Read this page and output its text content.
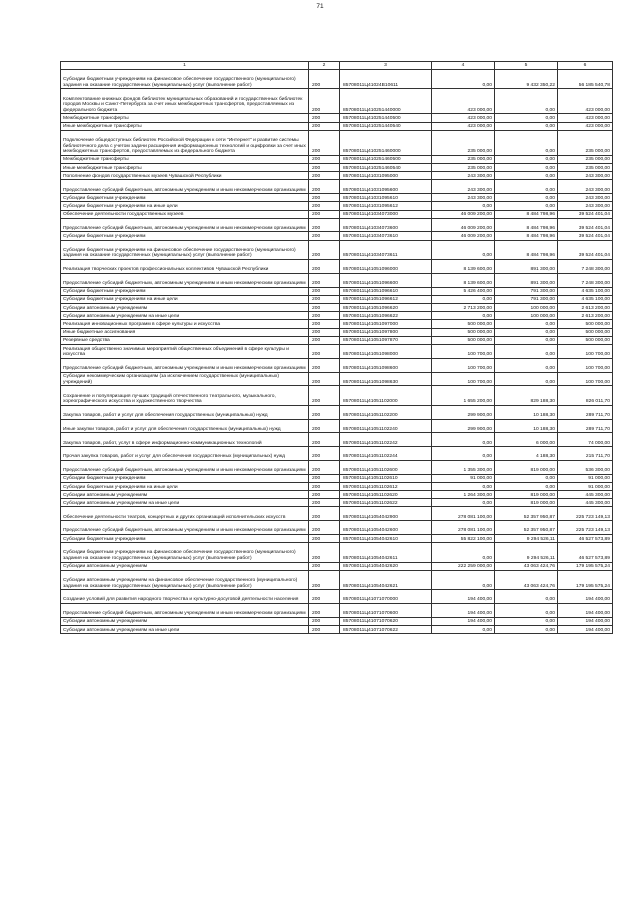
71
1	2	3	4	5	6
Субсидии бюджетным учреждениям на финансовое обеспечение государственного (муниципального) задания на оказание государственных (муниципальных) услуг (выполнение работ)	200	85708011Ц41024В10611	0,00	9 432 350,22	56 185 540,78
Комплектование книжных фондов библиотек муниципальных образований и государственных библиотек городов Москвы и Санкт-Петербурга за счет иных межбюджетных трансфертов, предоставляемых из федерального бюджета	200	85708011Ц410251440000	423 000,00	0,00	423 000,00
Межбюджетные трансферты	200	85708011Ц410251440500	423 000,00	0,00	423 000,00
Иные межбюджетные трансферты	200	85708011Ц410251440540	423 000,00	0,00	423 000,00
Подключение общедоступных библиотек Российской Федерации к сети "Интернет" и развитие системы библиотечного дела с учетом задачи расширения информационных технологий и оцифровки за счет иных межбюджетных трансфертов, предоставляемых из федерального бюджета	200	85708011Ц410251460000	235 000,00	0,00	235 000,00
Межбюджетные трансферты	200	85708011Ц410251460500	235 000,00	0,00	235 000,00
Иные межбюджетные трансферты	200	85708011Ц410251460540	235 000,00	0,00	235 000,00
Пополнение фондов государственных музеев Чувашской Республики	200	85708011Ц41031095000	243 300,00	0,00	243 300,00
Предоставление субсидий бюджетным, автономным учреждениям и иным некоммерческим организациям	200	85708011Ц41031095600	243 300,00	0,00	243 300,00
Субсидии бюджетным учреждениям	200	85708011Ц41031095610	243 300,00	0,00	243 300,00
Субсидии бюджетным учреждениям на иные цели	200	85708011Ц41031095612	0,00	0,00	243 300,00
Обеспечение деятельности государственных музеев	200	85708011Ц41034073000	46 009 200,00	8 484 798,96	39 524 401,04
Предоставление субсидий бюджетным, автономным учреждениям и иным некоммерческим организациям	200	85708011Ц41034073600	46 009 200,00	8 484 798,96	39 524 401,04
Субсидии бюджетным учреждениям	200	85708011Ц41034073610	46 009 200,00	8 484 798,96	39 524 401,04
Субсидии бюджетным учреждениям на финансовое обеспечение государственного (муниципального) задания на оказание государственных (муниципальных) услуг (выполнение работ)	200	85708011Ц41034073611	0,00	8 484 798,96	39 524 401,04
Реализация творческих проектов профессиональных коллективов Чувашской Республики	200	85708011Ц41051096000	8 139 600,00	891 300,00	7 248 300,00
Предоставление субсидий бюджетным, автономным учреждениям и иным некоммерческим организациям	200	85708011Ц41051096600	8 139 600,00	891 300,00	7 248 300,00
Субсидии бюджетным учреждениям	200	85708011Ц41051096610	5 426 400,00	791 300,00	4 635 100,00
Субсидии бюджетным учреждениям на иные цели	200	85708011Ц41051096612	0,00	791 300,00	4 635 100,00
Субсидии автономным учреждениям	200	85708011Ц41051096620	2 713 200,00	100 000,00	2 613 200,00
Субсидии автономным учреждениям на иные цели	200	85708011Ц41051096622	0,00	100 000,00	2 613 200,00
Реализация инновационных программ в сфере культуры и искусства	200	85708011Ц41051097000	500 000,00	0,00	500 000,00
Иные бюджетные ассигнования	200	85708011Ц41051097800	500 000,00	0,00	500 000,00
Резервные средства	200	85708011Ц41051097870	500 000,00	0,00	500 000,00
Реализация общественно значимых мероприятий общественных объединений в сфере культуры и искусства	200	85708011Ц41051098000	100 700,00	0,00	100 700,00
Предоставление субсидий бюджетным, автономным учреждениям и иным некоммерческим организациям	200	85708011Ц41051098600	100 700,00	0,00	100 700,00
Субсидии некоммерческим организациям (за исключением государственных (муниципальных) учреждений)	200	85708011Ц41051098630	100 700,00	0,00	100 700,00
Сохранение и популяризация лучших традиций отечественного театрального, музыкального, хореографического искусства и художественного творчества	200	85708011Ц41051102000	1 655 200,00	829 188,30	826 011,70
Закупка товаров, работ и услуг для обеспечения государственных (муниципальных) нужд	200	85708011Ц41051102200	299 900,00	10 188,30	289 711,70
Иные закупки товаров, работ и услуг для обеспечения государственных (муниципальных) нужд	200	85708011Ц41051102240	299 900,00	10 188,30	289 711,70
Закупка товаров, работ, услуг в сфере информационно-коммуникационных технологий	200	85708011Ц41051102242	0,00	6 000,00	74 000,00
Прочая закупка товаров, работ и услуг для обеспечения государственных (муниципальных) нужд	200	85708011Ц41051102244	0,00	4 188,30	215 711,70
Предоставление субсидий бюджетным, автономным учреждениям и иным некоммерческим организациям	200	85708011Ц41051102600	1 355 300,00	819 000,00	536 300,00
Субсидии бюджетным учреждениям	200	85708011Ц41051102610	91 000,00	0,00	91 000,00
Субсидии бюджетным учреждениям на иные цели	200	85708011Ц41051102612	0,00	0,00	91 000,00
Субсидии автономным учреждениям	200	85708011Ц41051102620	1 264 300,00	819 000,00	445 300,00
Субсидии автономным учреждениям на иные цели	200	85708011Ц41051102622	0,00	819 000,00	445 300,00
Обеспечение деятельности театров, концертных и других организаций исполнительских искусств	200	85708011Ц41054042900	278 081 100,00	52 357 950,87	225 723 149,13
Предоставление субсидий бюджетным, автономным учреждениям и иным некоммерческим организациям	200	85708011Ц41054042600	278 081 100,00	52 357 950,87	225 723 149,13
Субсидии бюджетным учреждениям	200	85708011Ц41054042610	55 822 100,00	9 294 526,11	46 527 573,89
Субсидии бюджетным учреждениям на финансовое обеспечение государственного (муниципального) задания на оказание государственных (муниципальных) услуг (выполнение работ)	200	85708011Ц41054042611	0,00	9 294 526,11	46 527 573,89
Субсидии автономным учреждениям	200	85708011Ц41054042620	222 259 000,00	43 063 424,76	179 195 575,24
Субсидии автономным учреждениям на финансовое обеспечение государственного (муниципального) задания на оказание государственных (муниципальных) услуг (выполнение работ)	200	85708011Ц41054042621	0,00	43 063 424,76	179 195 575,24
Создание условий для развития народного творчества и культурно-досуговой деятельности населения	200	85708011Ц41071070000	194 400,00	0,00	194 400,00
Предоставление субсидий бюджетным, автономным учреждениям и иным некоммерческим организациям	200	85708011Ц41071070600	194 400,00	0,00	194 400,00
Субсидии автономным учреждениям	200	85708011Ц41071070620	194 400,00	0,00	194 400,00
Субсидии автономным учреждениям на иные цели	200	85708011Ц41071070622	0,00	0,00	194 400,00
